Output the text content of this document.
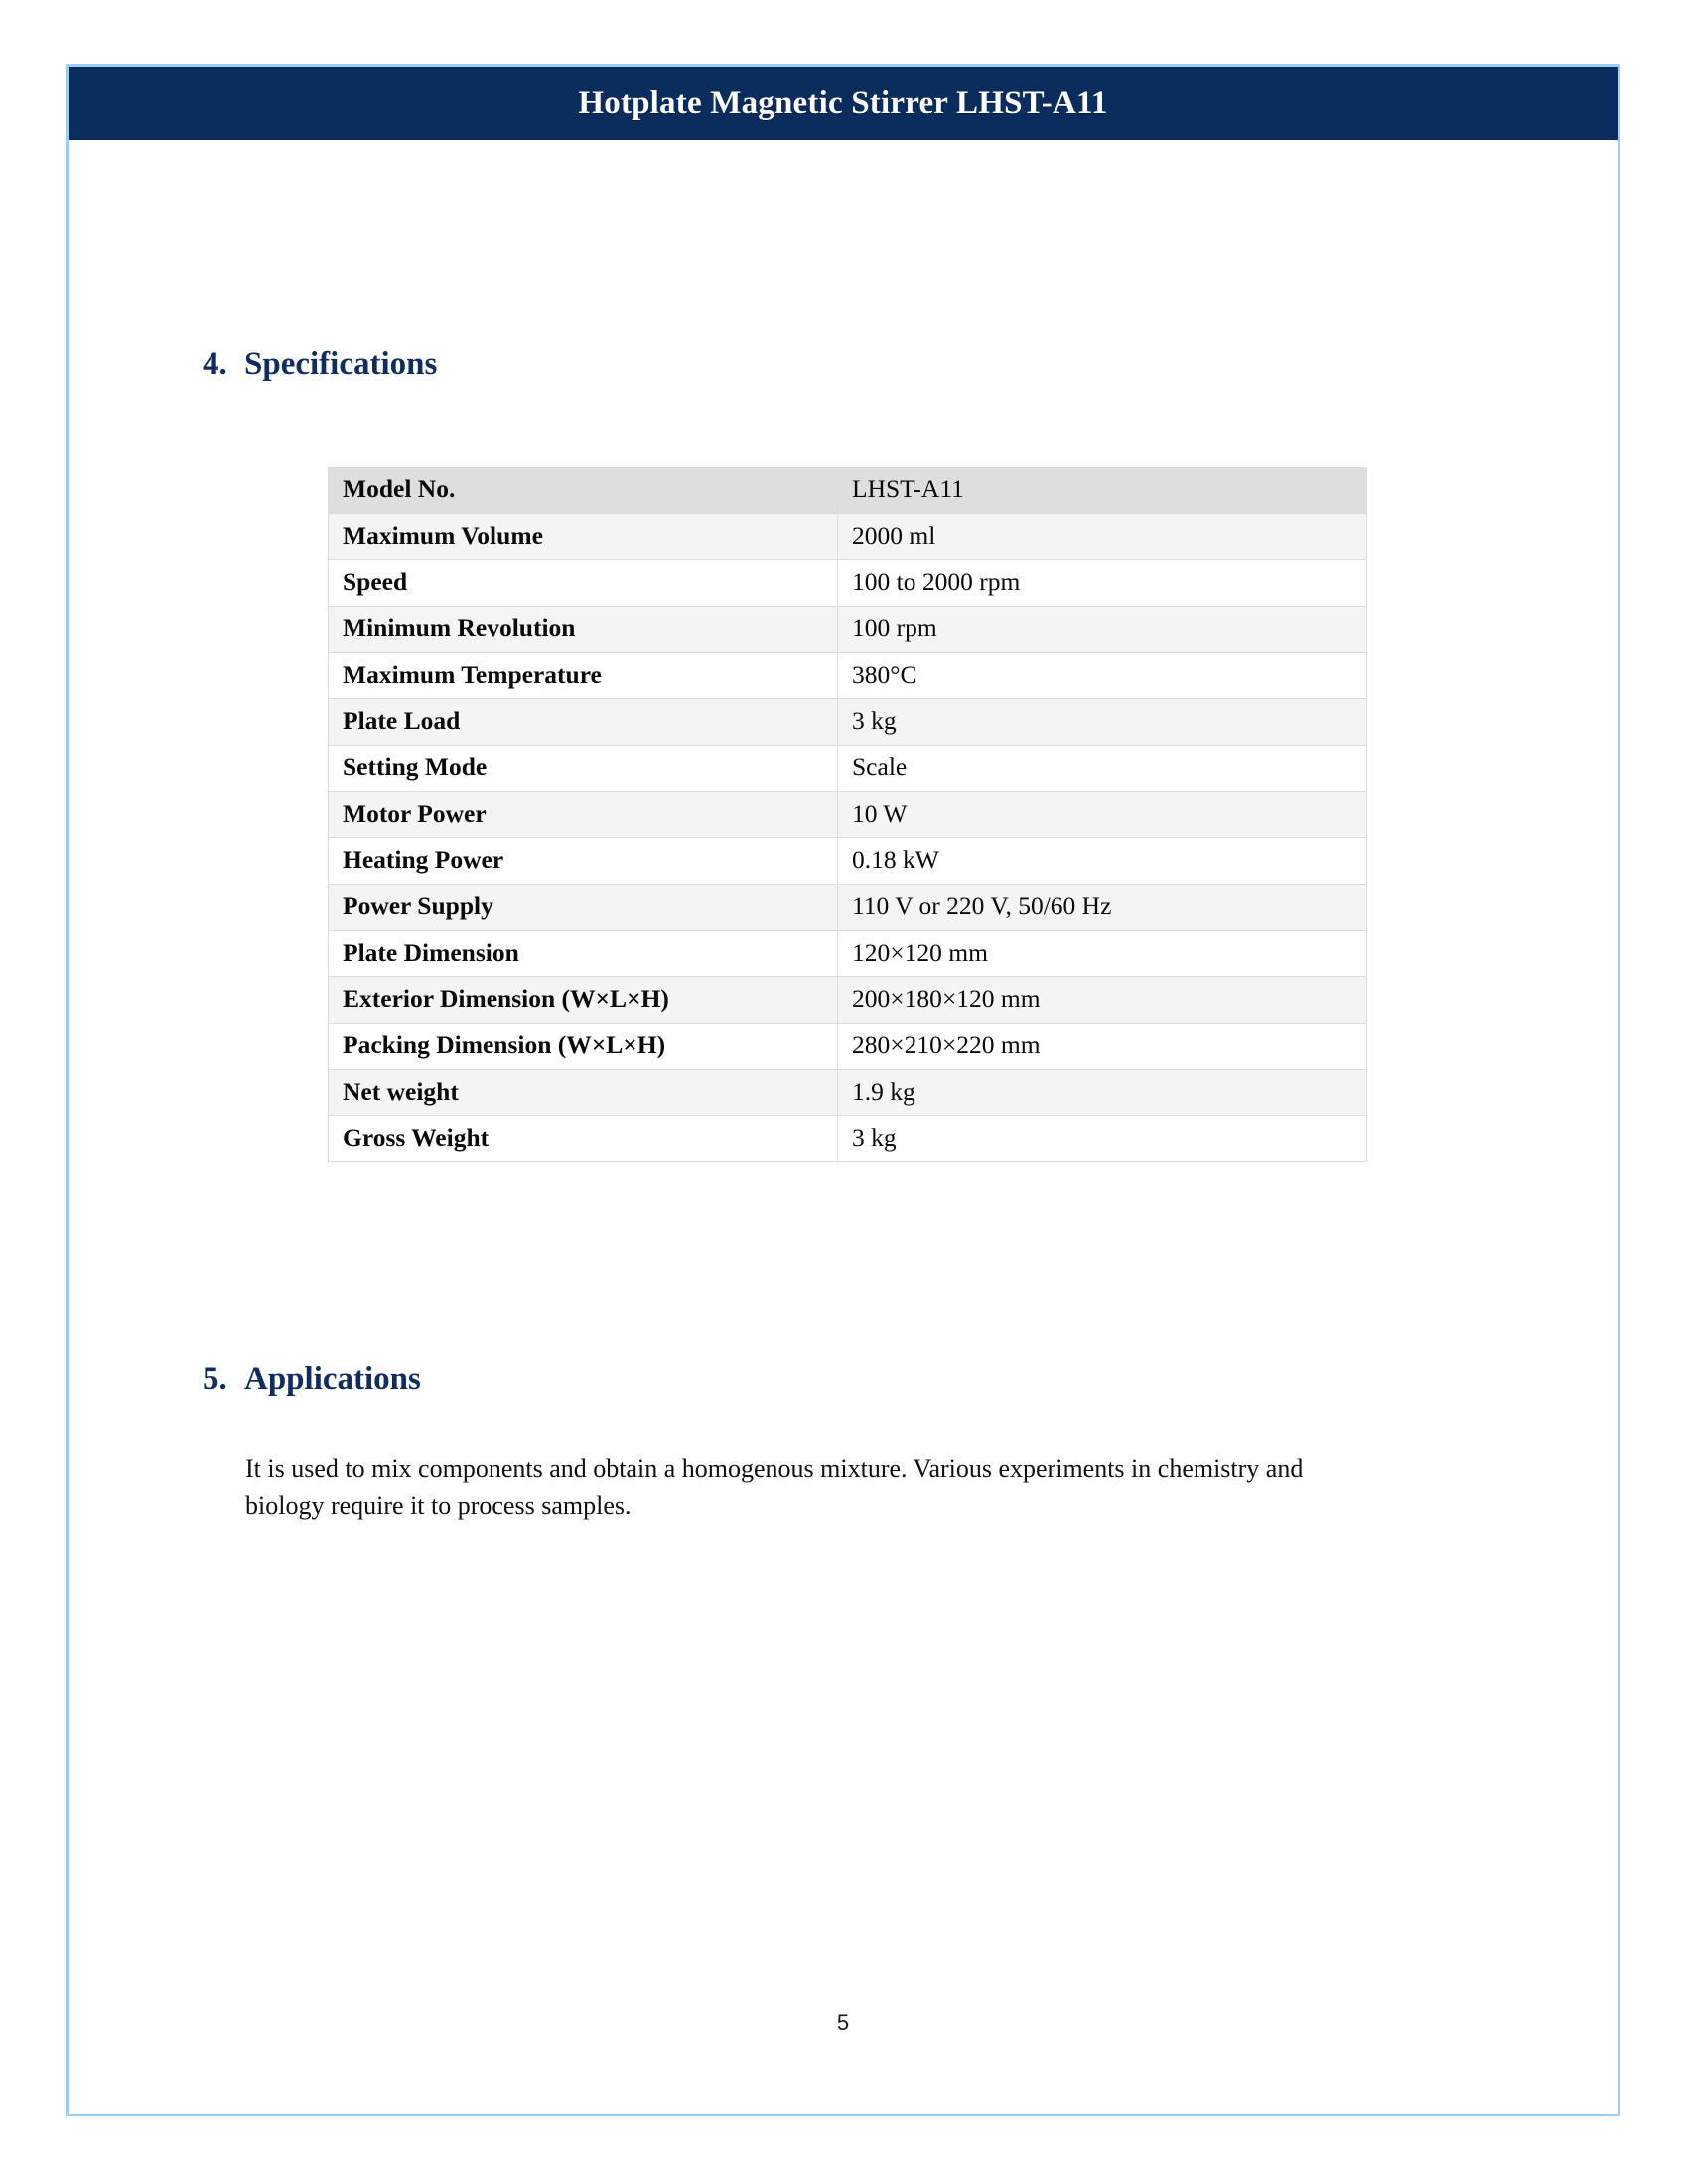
Hotplate Magnetic Stirrer LHST-A11
4. Specifications
Model No.	LHST-A11
Maximum Volume	2000 ml
Speed	100 to 2000 rpm
Minimum Revolution	100 rpm
Maximum Temperature	380°C
Plate Load	3 kg
Setting Mode	Scale
Motor Power	10 W
Heating Power	0.18 kW
Power Supply	110 V or 220 V, 50/60 Hz
Plate Dimension	120×120 mm
Exterior Dimension (W×L×H)	200×180×120 mm
Packing Dimension (W×L×H)	280×210×220 mm
Net weight	1.9 kg
Gross Weight	3 kg
5. Applications

It is used to mix components and obtain a homogenous mixture. Various experiments in chemistry and biology require it to process samples.

5
